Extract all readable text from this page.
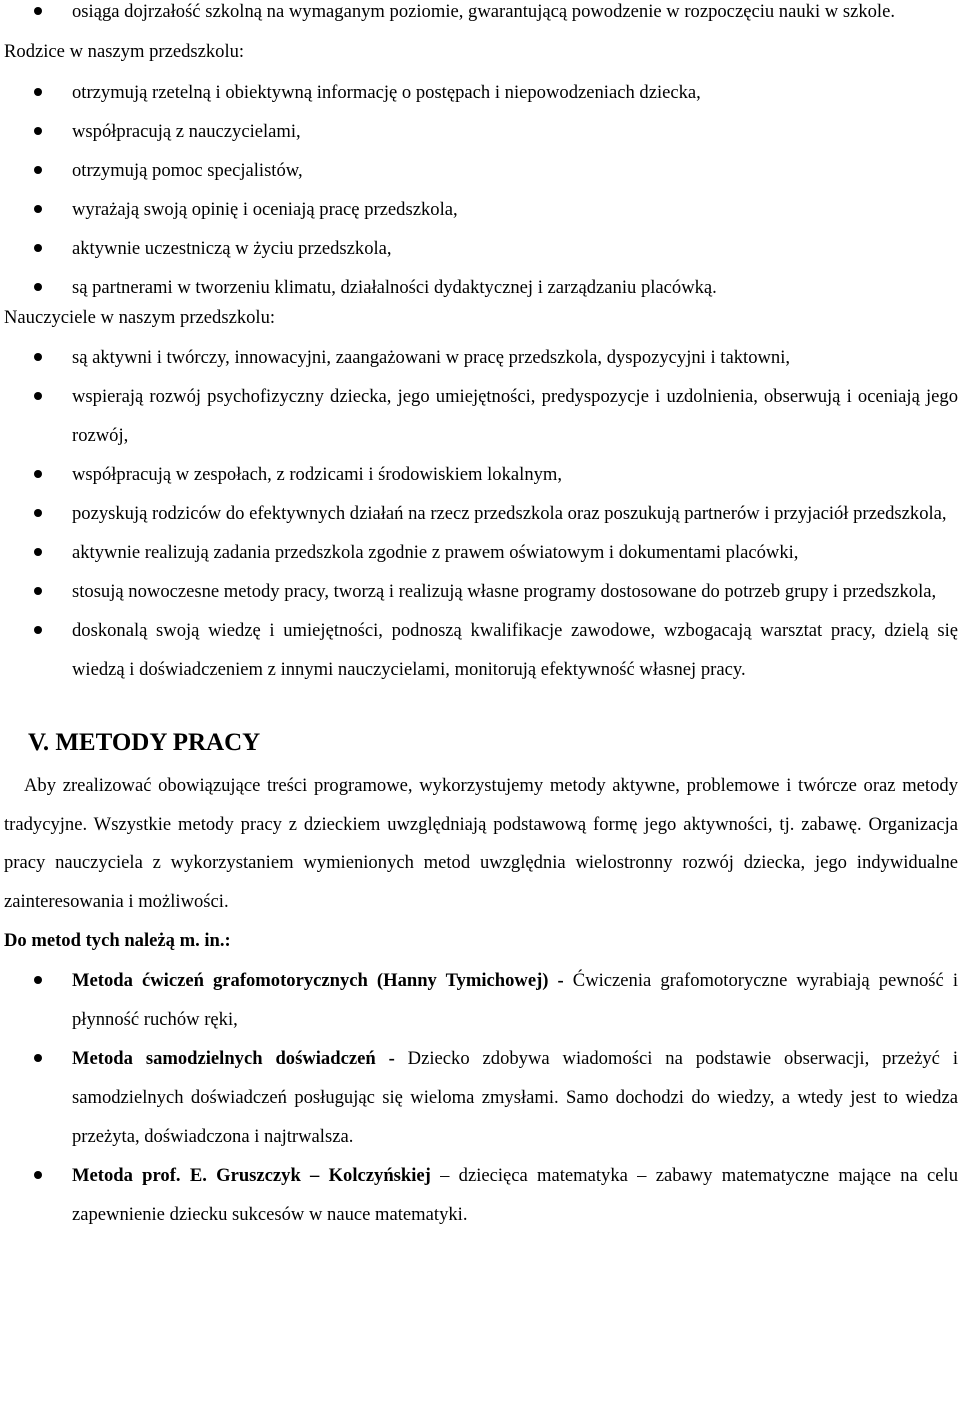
osiąga dojrzałość szkolną na wymaganym poziomie, gwarantującą powodzenie w rozpoczęciu nauki w szkole.
Rodzice w naszym przedszkolu:
otrzymują rzetelną i obiektywną informację o postępach i niepowodzeniach dziecka,
współpracują z nauczycielami,
otrzymują pomoc specjalistów,
wyrażają swoją opinię i oceniają pracę przedszkola,
aktywnie uczestniczą w życiu przedszkola,
są partnerami w tworzeniu klimatu, działalności dydaktycznej i zarządzaniu placówką.
Nauczyciele w naszym przedszkolu:
są aktywni i twórczy, innowacyjni, zaangażowani w pracę przedszkola, dyspozycyjni i taktowni,
wspierają rozwój psychofizyczny dziecka, jego umiejętności, predyspozycje i uzdolnienia, obserwują i oceniają jego rozwój,
współpracują w zespołach, z rodzicami i środowiskiem lokalnym,
pozyskują rodziców do efektywnych działań na rzecz przedszkola oraz poszukują partnerów i przyjaciół przedszkola,
aktywnie realizują zadania przedszkola zgodnie z prawem oświatowym i dokumentami placówki,
stosują nowoczesne metody pracy, tworzą i realizują własne programy dostosowane do potrzeb grupy i przedszkola,
doskonalą swoją wiedzę i umiejętności, podnoszą kwalifikacje zawodowe, wzbogacają warsztat pracy, dzielą się wiedzą i doświadczeniem z innymi nauczycielami, monitorują efektywność własnej pracy.
V. METODY PRACY
Aby zrealizować obowiązujące treści programowe, wykorzystujemy metody aktywne, problemowe i twórcze oraz metody tradycyjne. Wszystkie metody pracy z dzieckiem uwzględniają podstawową formę jego aktywności, tj. zabawę. Organizacja pracy nauczyciela z wykorzystaniem wymienionych metod uwzględnia wielostronny rozwój dziecka, jego indywidualne zainteresowania i możliwości.
Do metod tych należą m. in.:
Metoda ćwiczeń grafomotorycznych (Hanny Tymichowej) - Ćwiczenia grafomotoryczne wyrabiają pewność i płynność ruchów ręki,
Metoda samodzielnych doświadczeń - Dziecko zdobywa wiadomości na podstawie obserwacji, przeżyć i samodzielnych doświadczeń posługując się wieloma zmysłami. Samo dochodzi do wiedzy, a wtedy jest to wiedza przeżyta, doświadczona i najtrwalsza.
Metoda prof. E. Gruszczyk – Kolczyńskiej – dziecięca matematyka – zabawy matematyczne mające na celu zapewnienie dziecku sukcesów w nauce matematyki.
